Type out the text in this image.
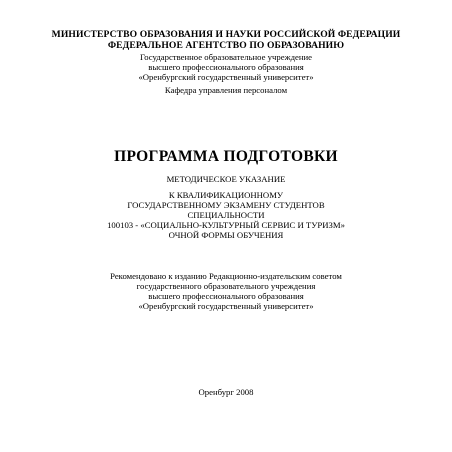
МИНИСТЕРСТВО ОБРАЗОВАНИЯ И НАУКИ РОССИЙСКОЙ ФЕДЕРАЦИИ
ФЕДЕРАЛЬНОЕ АГЕНТСТВО ПО ОБРАЗОВАНИЮ
Государственное образовательное учреждение
высшего профессионального образования
«Оренбургский государственный университет»
Кафедра управления персоналом
ПРОГРАММА ПОДГОТОВКИ
МЕТОДИЧЕСКОЕ УКАЗАНИЕ
К КВАЛИФИКАЦИОННОМУ
ГОСУДАРСТВЕННОМУ ЭКЗАМЕНУ СТУДЕНТОВ
СПЕЦИАЛЬНОСТИ
100103 - «СОЦИАЛЬНО-КУЛЬТУРНЫЙ СЕРВИС И ТУРИЗМ»
ОЧНОЙ ФОРМЫ ОБУЧЕНИЯ
Рекомендовано к изданию Редакционно-издательским советом
государственного образовательного учреждения
высшего профессионального образования
«Оренбургский государственный университет»
Оренбург 2008
